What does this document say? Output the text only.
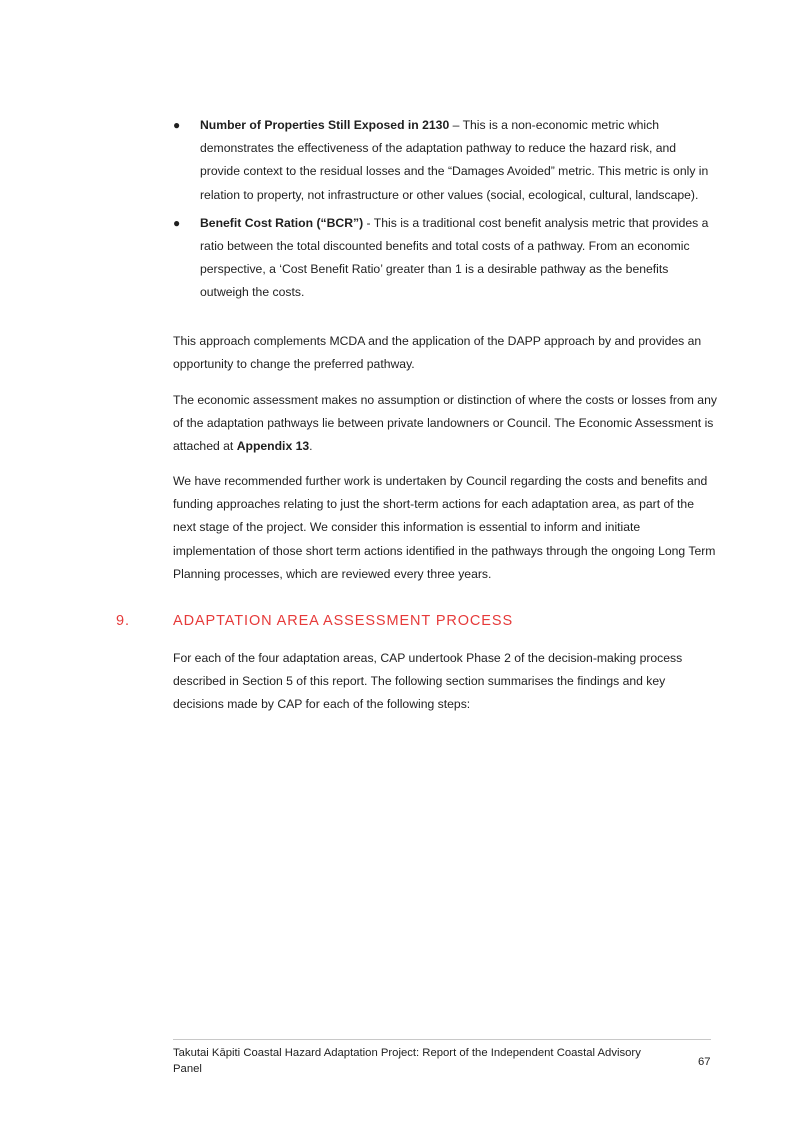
● Number of Properties Still Exposed in 2130 – This is a non-economic metric which demonstrates the effectiveness of the adaptation pathway to reduce the hazard risk, and provide context to the residual losses and the “Damages Avoided” metric. This metric is only in relation to property, not infrastructure or other values (social, ecological, cultural, landscape).
● Benefit Cost Ration (“BCR”) - This is a traditional cost benefit analysis metric that provides a ratio between the total discounted benefits and total costs of a pathway. From an economic perspective, a ‘Cost Benefit Ratio’ greater than 1 is a desirable pathway as the benefits outweigh the costs.

This approach complements MCDA and the application of the DAPP approach by and provides an opportunity to change the preferred pathway.

The economic assessment makes no assumption or distinction of where the costs or losses from any of the adaptation pathways lie between private landowners or Council. The Economic Assessment is attached at Appendix 13.

We have recommended further work is undertaken by Council regarding the costs and benefits and funding approaches relating to just the short-term actions for each adaptation area, as part of the next stage of the project. We consider this information is essential to inform and initiate implementation of those short term actions identified in the pathways through the ongoing Long Term Planning processes, which are reviewed every three years.

9.	ADAPTATION AREA ASSESSMENT PROCESS

For each of the four adaptation areas, CAP undertook Phase 2 of the decision-making process described in Section 5 of this report. The following section summarises the findings and key decisions made by CAP for each of the following steps:

Takutai Kāpiti Coastal Hazard Adaptation Project: Report of the Independent Coastal Advisory Panel
67
